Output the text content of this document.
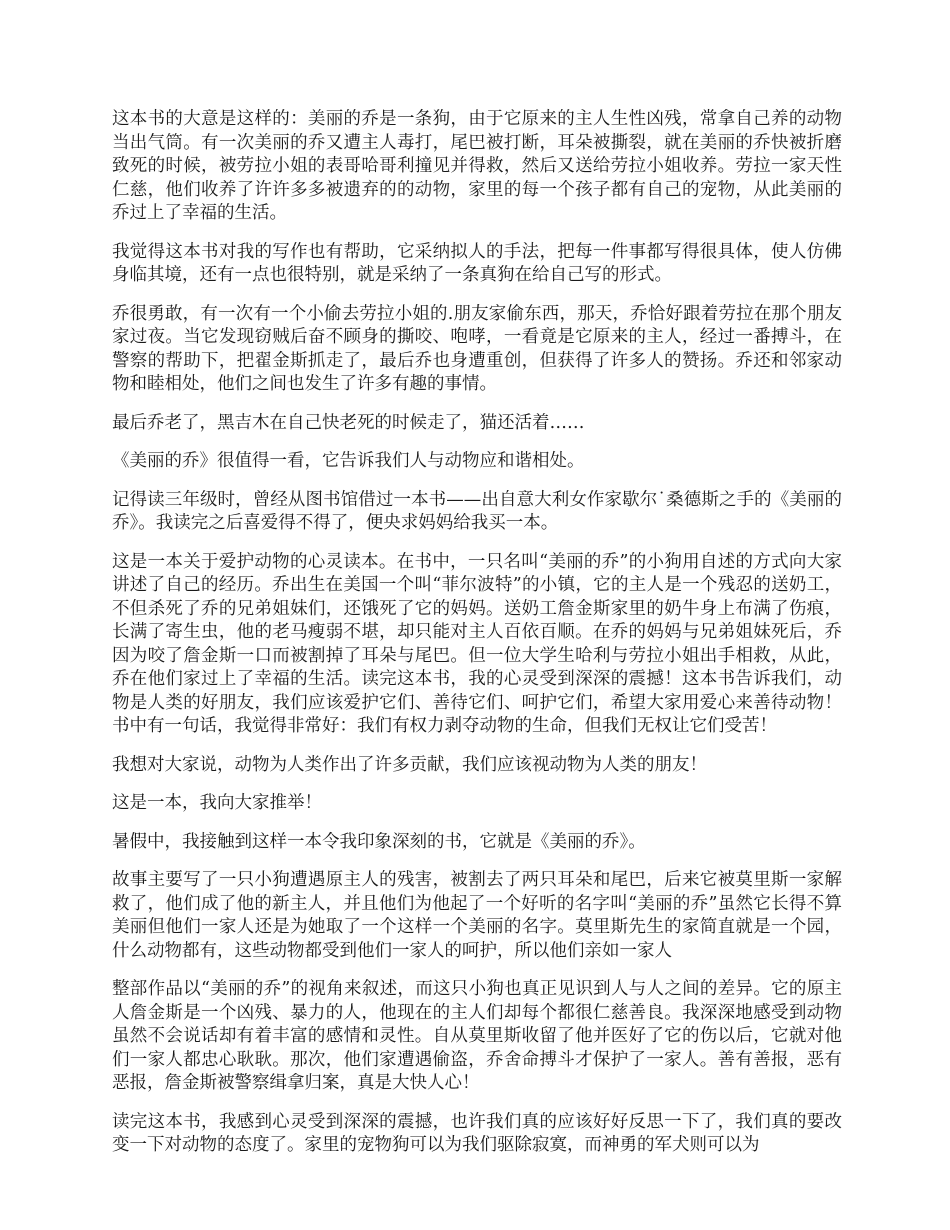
这本书的大意是这样的：美丽的乔是一条狗，由于它原来的主人生性凶残，常拿自己养的动物当出气筒。有一次美丽的乔又遭主人毒打，尾巴被打断，耳朵被撕裂，就在美丽的乔快被折磨致死的时候，被劳拉小姐的表哥哈哥利撞见并得救，然后又送给劳拉小姐收养。劳拉一家天性仁慈，他们收养了许许多多被遗弃的的动物，家里的每一个孩子都有自己的宠物，从此美丽的乔过上了幸福的生活。

我觉得这本书对我的写作也有帮助，它采纳拟人的手法，把每一件事都写得很具体，使人仿佛身临其境，还有一点也很特别，就是采纳了一条真狗在给自己写的形式。

乔很勇敢，有一次有一个小偷去劳拉小姐的.朋友家偷东西，那天，乔恰好跟着劳拉在那个朋友家过夜。当它发现窃贼后奋不顾身的撕咬、咆哮，一看竟是它原来的主人，经过一番搏斗，在警察的帮助下，把翟金斯抓走了，最后乔也身遭重创，但获得了许多人的赞扬。乔还和邻家动物和睦相处，他们之间也发生了许多有趣的事情。

最后乔老了，黑吉木在自己快老死的时候走了，猫还活着……

《美丽的乔》很值得一看，它告诉我们人与动物应和谐相处。

记得读三年级时，曾经从图书馆借过一本书——出自意大利女作家歇尔˙桑德斯之手的《美丽的乔》。我读完之后喜爱得不得了，便央求妈妈给我买一本。

这是一本关于爱护动物的心灵读本。在书中，一只名叫“美丽的乔”的小狗用自述的方式向大家讲述了自己的经历。乔出生在美国一个叫“菲尔波特”的小镇，它的主人是一个残忍的送奶工，不但杀死了乔的兄弟姐妹们，还饿死了它的妈妈。送奶工詹金斯家里的奶牛身上布满了伤痕，长满了寄生虫，他的老马瘦弱不堪，却只能对主人百依百顺。在乔的妈妈与兄弟姐妹死后，乔因为咬了詹金斯一口而被割掉了耳朵与尾巴。但一位大学生哈利与劳拉小姐出手相救，从此，乔在他们家过上了幸福的生活。读完这本书，我的心灵受到深深的震撼！这本书告诉我们，动物是人类的好朋友，我们应该爱护它们、善待它们、呵护它们，希望大家用爱心来善待动物！书中有一句话，我觉得非常好：我们有权力剥夺动物的生命，但我们无权让它们受苦！

我想对大家说，动物为人类作出了许多贡献，我们应该视动物为人类的朋友！

这是一本，我向大家推举！

暑假中，我接触到这样一本令我印象深刻的书，它就是《美丽的乔》。

故事主要写了一只小狗遭遇原主人的残害，被割去了两只耳朵和尾巴，后来它被莫里斯一家解救了，他们成了他的新主人，并且他们为他起了一个好听的名字叫“美丽的乔”虽然它长得不算美丽但他们一家人还是为她取了一个这样一个美丽的名字。莫里斯先生的家简直就是一个园，什么动物都有，这些动物都受到他们一家人的呵护，所以他们亲如一家人

整部作品以“美丽的乔”的视角来叙述，而这只小狗也真正见识到人与人之间的差异。它的原主人詹金斯是一个凶残、暴力的人，他现在的主人们却每个都很仁慈善良。我深深地感受到动物虽然不会说话却有着丰富的感情和灵性。自从莫里斯收留了他并医好了它的伤以后，它就对他们一家人都忠心耿耿。那次，他们家遭遇偷盗，乔舍命搏斗才保护了一家人。善有善报，恶有恶报，詹金斯被警察缉拿归案，真是大快人心！

读完这本书，我感到心灵受到深深的震撼，也许我们真的应该好好反思一下了，我们真的要改变一下对动物的态度了。家里的宠物狗可以为我们驱除寂寞，而神勇的军犬则可以为
